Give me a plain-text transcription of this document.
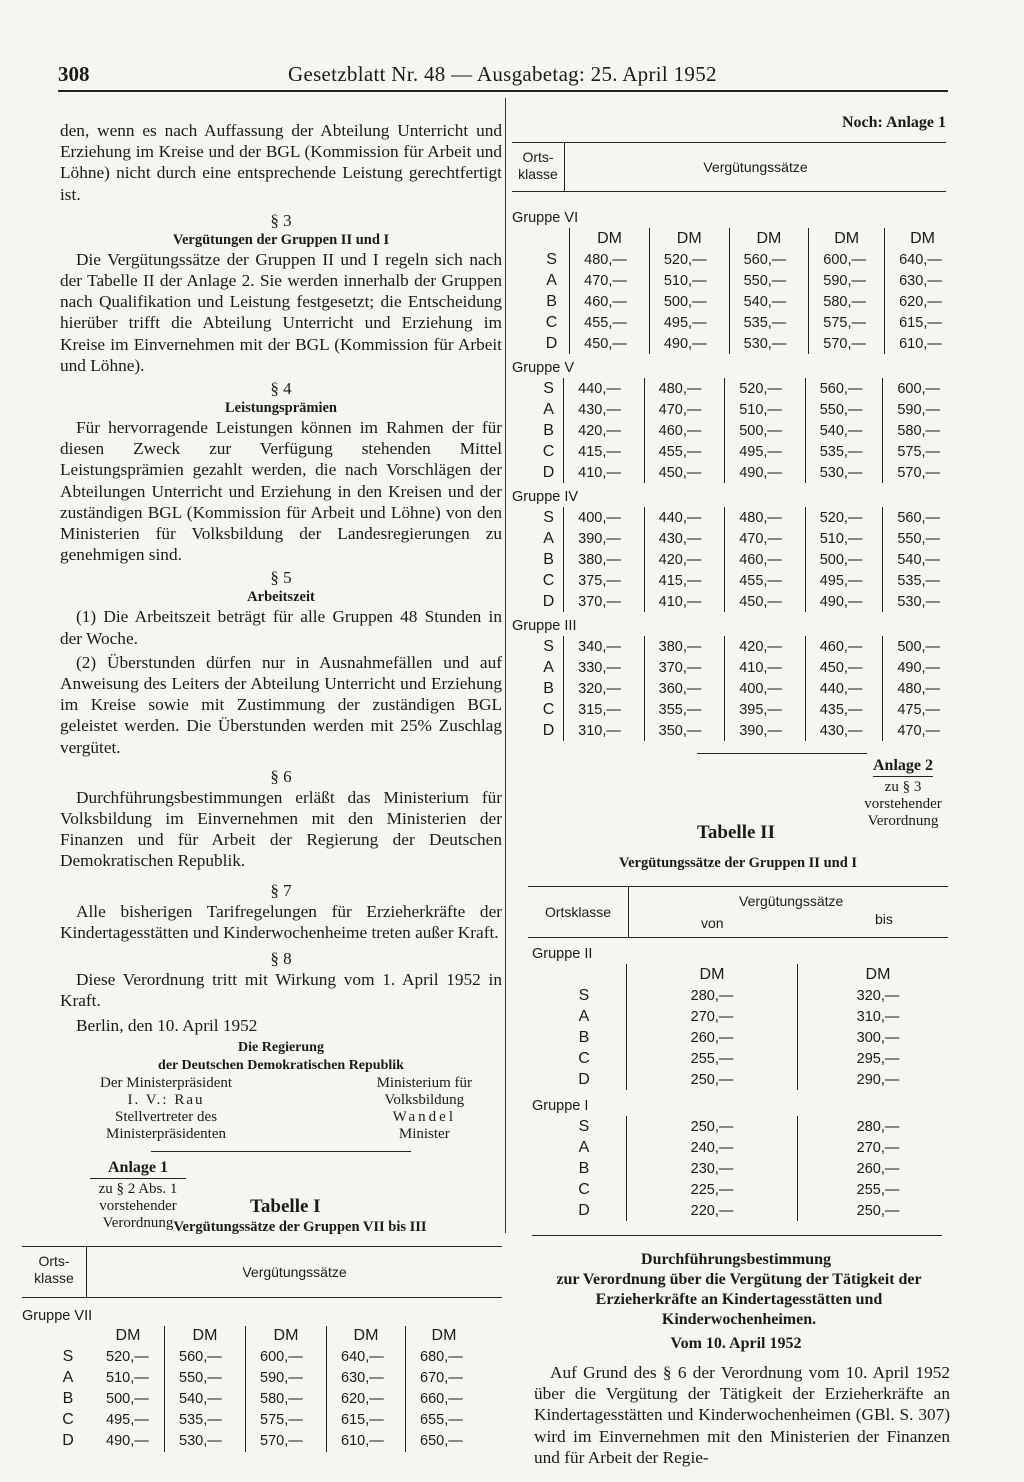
308	Gesetzblatt Nr. 48 — Ausgabetag: 25. April 1952

den, wenn es nach Auffassung der Abteilung Unterricht und Erziehung im Kreise und der BGL (Kommission für Arbeit und Löhne) nicht durch eine entsprechende Leistung gerechtfertigt ist.

§ 3
Vergütungen der Gruppen II und I

Die Vergütungssätze der Gruppen II und I regeln sich nach der Tabelle II der Anlage 2. Sie werden innerhalb der Gruppen nach Qualifikation und Leistung festgesetzt; die Entscheidung hierüber trifft die Abteilung Unterricht und Erziehung im Kreise im Einvernehmen mit der BGL (Kommission für Arbeit und Löhne).

§ 4
Leistungsprämien

Für hervorragende Leistungen können im Rahmen der für diesen Zweck zur Verfügung stehenden Mittel Leistungsprämien gezahlt werden, die nach Vorschlägen der Abteilungen Unterricht und Erziehung in den Kreisen und der zuständigen BGL (Kommission für Arbeit und Löhne) von den Ministerien für Volksbildung der Landesregierungen zu genehmigen sind.

§ 5
Arbeitszeit

(1) Die Arbeitszeit beträgt für alle Gruppen 48 Stunden in der Woche.

(2) Überstunden dürfen nur in Ausnahmefällen und auf Anweisung des Leiters der Abteilung Unterricht und Erziehung im Kreise sowie mit Zustimmung der zuständigen BGL geleistet werden. Die Überstunden werden mit 25% Zuschlag vergütet.

§ 6

Durchführungsbestimmungen erläßt das Ministerium für Volksbildung im Einvernehmen mit den Ministerien der Finanzen und für Arbeit der Regierung der Deutschen Demokratischen Republik.

§ 7

Alle bisherigen Tarifregelungen für Erzieherkräfte der Kindertagesstätten und Kinderwochenheime treten außer Kraft.

§ 8

Diese Verordnung tritt mit Wirkung vom 1. April 1952 in Kraft.

Berlin, den 10. April 1952

Die Regierung
der Deutschen Demokratischen Republik
Der Ministerpräsident
I. V.: Rau
Stellvertreter des
Ministerpräsidenten
Ministerium für
Volksbildung
Wandel
Minister
Anlage 1
zu § 2 Abs. 1
vorstehender
Verordnung
Tabelle I
Vergütungssätze der Gruppen VII bis III
Orts-
klasse	Vergütungssätze
Gruppe VII
	DM	DM	DM	DM	DM
S	520,—	560,—	600,—	640,—	680,—
A	510,—	550,—	590,—	630,—	670,—
B	500,—	540,—	580,—	620,—	660,—
C	495,—	535,—	575,—	615,—	655,—
D	490,—	530,—	570,—	610,—	650,—
Noch: Anlage 1
Orts-
klasse	Vergütungssätze
Gruppe VI
	DM	DM	DM	DM	DM
S	480,—	520,—	560,—	600,—	640,—
A	470,—	510,—	550,—	590,—	630,—
B	460,—	500,—	540,—	580,—	620,—
C	455,—	495,—	535,—	575,—	615,—
D	450,—	490,—	530,—	570,—	610,—
Gruppe V
S	440,—	480,—	520,—	560,—	600,—
A	430,—	470,—	510,—	550,—	590,—
B	420,—	460,—	500,—	540,—	580,—
C	415,—	455,—	495,—	535,—	575,—
D	410,—	450,—	490,—	530,—	570,—
Gruppe IV
S	400,—	440,—	480,—	520,—	560,—
A	390,—	430,—	470,—	510,—	550,—
B	380,—	420,—	460,—	500,—	540,—
C	375,—	415,—	455,—	495,—	535,—
D	370,—	410,—	450,—	490,—	530,—
Gruppe III
S	340,—	380,—	420,—	460,—	500,—
A	330,—	370,—	410,—	450,—	490,—
B	320,—	360,—	400,—	440,—	480,—
C	315,—	355,—	395,—	435,—	475,—
D	310,—	350,—	390,—	430,—	470,—
Anlage 2
zu § 3
vorstehender
Verordnung
Tabelle II
Vergütungssätze der Gruppen II und I
Ortsklasse
Vergütungssätze
von	bis
Gruppe II
	DM	DM
S	280,—	320,—
A	270,—	310,—
B	260,—	300,—
C	255,—	295,—
D	250,—	290,—
Gruppe I
S	250,—	280,—
A	240,—	270,—
B	230,—	260,—
C	225,—	255,—
D	220,—	250,—
Durchführungsbestimmung
zur Verordnung über die Vergütung der Tätigkeit der Erzieherkräfte an Kindertagesstätten und Kinderwochenheimen.
Vom 10. April 1952

Auf Grund des § 6 der Verordnung vom 10. April 1952 über die Vergütung der Tätigkeit der Erzieherkräfte an Kindertagesstätten und Kinderwochenheimen (GBl. S. 307) wird im Einvernehmen mit den Ministerien der Finanzen und für Arbeit der Regie-
